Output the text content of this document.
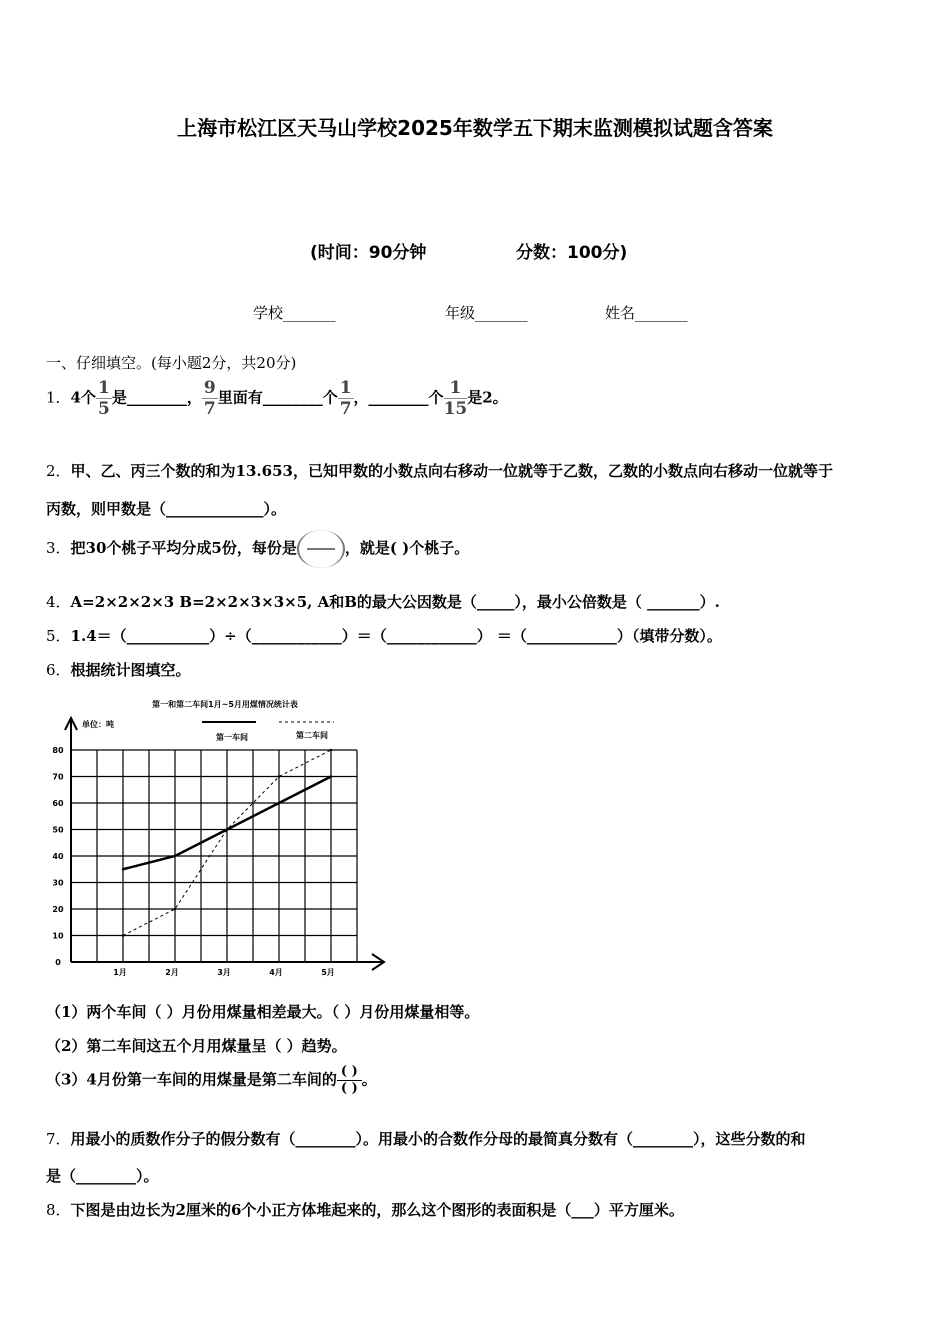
上海市松江区天马山学校2025年数学五下期末监测模拟试题含答案
(时间：90分钟	分数：100分)
学校_______	年级_______	姓名_______
一、仔细填空。(每小题2分，共20分)
1．4个 $\frac{1}{5}$ 是________， $\frac{9}{7}$ 里面有________个 $\frac{1}{7}$ ，________个 $\frac{1}{15}$ 是2。
2．甲、乙、丙三个数的和为13.653，已知甲数的小数点向右移动一位就等于乙数，乙数的小数点向右移动一位就等于
丙数，则甲数是（_____________）。
3．把30个桃子平均分成5份，每份是	，就是( )个桃子。
4．A=2×2×2×3 B=2×2×3×3×5, A和B的最大公因数是（_____），最小公倍数是（ _______）.
5．1.4＝（___________）÷（____________）＝（____________） ＝（____________）（填带分数）。
6．根据统计图填空。
第一和第二车间1月~5月用煤情况统计表
单位：吨
第一车间	第二车间
0
10
20
30
40
50
60
70
80
1月	2月	3月	4月	5月
（1）两个车间（ ）月份用煤量相差最大。（ ）月份用煤量相等。
（2）第二车间这五个月用煤量呈（ ）趋势。
（3）4月份第一车间的用煤量是第二车间的 $\frac{( )}{( )}$。
7．用最小的质数作分子的假分数有（________）。用最小的合数作分母的最简真分数有（________），这些分数的和
是（________）。
8．下图是由边长为2厘米的6个小正方体堆起来的，那么这个图形的表面积是（___）平方厘米。
